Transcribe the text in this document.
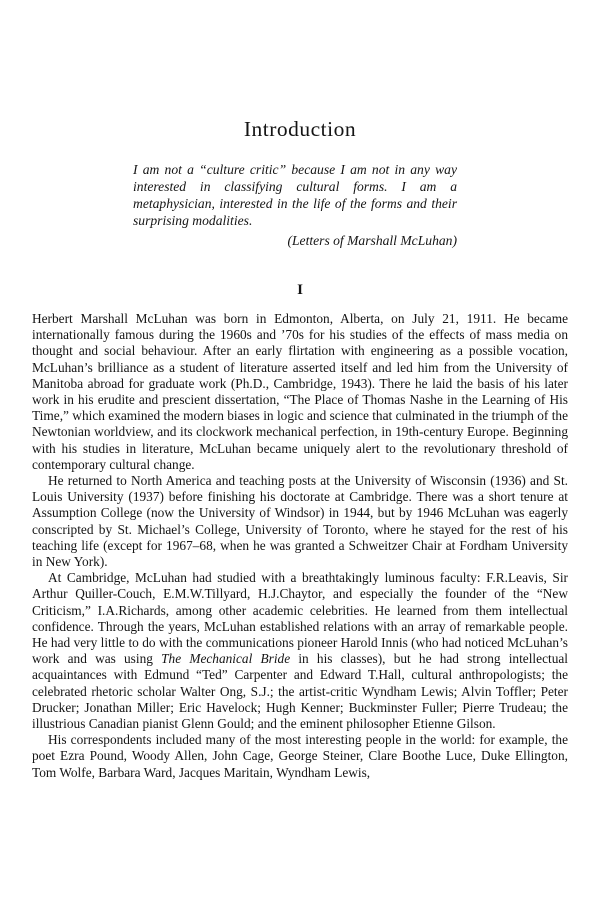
Introduction

I am not a “culture critic” because I am not in any way interested in classifying cultural forms. I am a metaphysician, interested in the life of the forms and their surprising modalities.

(Letters of Marshall McLuhan)

I

Herbert Marshall McLuhan was born in Edmonton, Alberta, on July 21, 1911. He became internationally famous during the 1960s and ’70s for his studies of the effects of mass media on thought and social behaviour. After an early flirtation with engineering as a possible vocation, McLuhan’s brilliance as a student of literature asserted itself and led him from the University of Manitoba abroad for graduate work (Ph.D., Cambridge, 1943). There he laid the basis of his later work in his erudite and prescient dissertation, “The Place of Thomas Nashe in the Learning of His Time,” which examined the modern biases in logic and science that culminated in the triumph of the Newtonian worldview, and its clockwork mechanical perfection, in 19th-century Europe. Beginning with his studies in literature, McLuhan became uniquely alert to the revolutionary threshold of contemporary cultural change.

He returned to North America and teaching posts at the University of Wisconsin (1936) and St. Louis University (1937) before finishing his doctorate at Cambridge. There was a short tenure at Assumption College (now the University of Windsor) in 1944, but by 1946 McLuhan was eagerly conscripted by St. Michael’s College, University of Toronto, where he stayed for the rest of his teaching life (except for 1967–68, when he was granted a Schweitzer Chair at Fordham University in New York).

At Cambridge, McLuhan had studied with a breathtakingly luminous faculty: F.R.Leavis, Sir Arthur Quiller-Couch, E.M.W.Tillyard, H.J.Chaytor, and especially the founder of the “New Criticism,” I.A.Richards, among other academic celebrities. He learned from them intellectual confidence. Through the years, McLuhan established relations with an array of remarkable people. He had very little to do with the communications pioneer Harold Innis (who had noticed McLuhan’s work and was using The Mechanical Bride in his classes), but he had strong intellectual acquaintances with Edmund “Ted” Carpenter and Edward T.Hall, cultural anthropologists; the celebrated rhetoric scholar Walter Ong, S.J.; the artist-critic Wyndham Lewis; Alvin Toffler; Peter Drucker; Jonathan Miller; Eric Havelock; Hugh Kenner; Buckminster Fuller; Pierre Trudeau; the illustrious Canadian pianist Glenn Gould; and the eminent philosopher Etienne Gilson.

His correspondents included many of the most interesting people in the world: for example, the poet Ezra Pound, Woody Allen, John Cage, George Steiner, Clare Boothe Luce, Duke Ellington, Tom Wolfe, Barbara Ward, Jacques Maritain, Wyndham Lewis,
